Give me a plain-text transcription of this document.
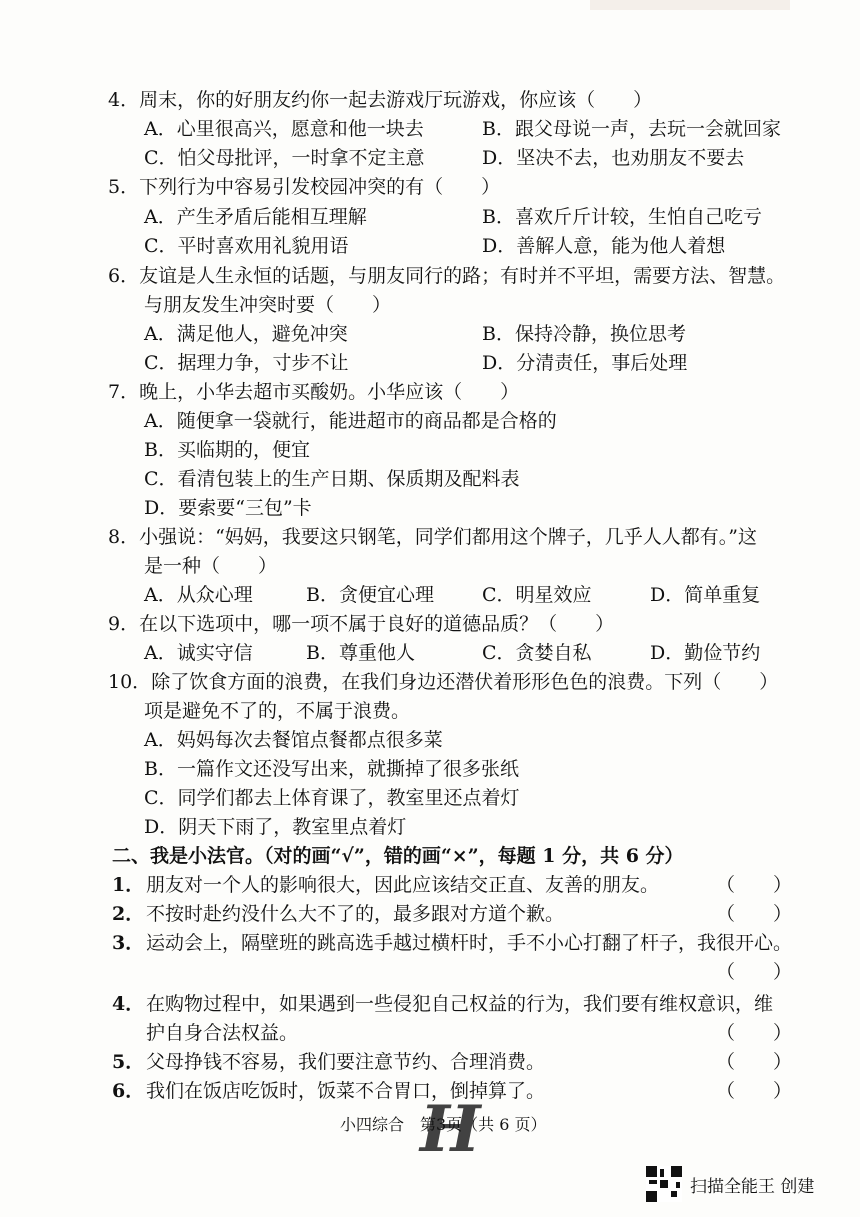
4．周末，你的好朋友约你一起去游戏厅玩游戏，你应该（　　）
A．心里很高兴，愿意和他一块去	B．跟父母说一声，去玩一会就回家
C．怕父母批评，一时拿不定主意	D．坚决不去，也劝朋友不要去
5．下列行为中容易引发校园冲突的有（　　）
A．产生矛盾后能相互理解	B．喜欢斤斤计较，生怕自己吃亏
C．平时喜欢用礼貌用语	D．善解人意，能为他人着想
6．友谊是人生永恒的话题，与朋友同行的路；有时并不平坦，需要方法、智慧。
与朋友发生冲突时要（　　）
A．满足他人，避免冲突	B．保持冷静，换位思考
C．据理力争，寸步不让	D．分清责任，事后处理
7．晚上，小华去超市买酸奶。小华应该（　　）
A．随便拿一袋就行，能进超市的商品都是合格的
B．买临期的，便宜
C．看清包装上的生产日期、保质期及配料表
D．要索要“三包”卡
8．小强说：“妈妈，我要这只钢笔，同学们都用这个牌子，几乎人人都有。”这
是一种（　　）
A．从众心理	B．贪便宜心理	C．明星效应	D．简单重复
9．在以下选项中，哪一项不属于良好的道德品质？（　　）
A．诚实守信	B．尊重他人	C．贪婪自私	D．勤俭节约
10．除了饮食方面的浪费，在我们身边还潜伏着形形色色的浪费。下列（　　）
项是避免不了的，不属于浪费。
A．妈妈每次去餐馆点餐都点很多菜
B．一篇作文还没写出来，就撕掉了很多张纸
C．同学们都去上体育课了，教室里还点着灯
D．阴天下雨了，教室里点着灯
二、我是小法官。（对的画“√”，错的画“×”，每题 1 分，共 6 分）
1． 朋友对一个人的影响很大，因此应该结交正直、友善的朋友。	（　　）
2． 不按时赴约没什么大不了的，最多跟对方道个歉。	（　　）
3． 运动会上，隔壁班的跳高选手越过横杆时，手不小心打翻了杆子，我很开心。
（　　）
4． 在购物过程中，如果遇到一些侵犯自己权益的行为，我们要有维权意识，维
护自身合法权益。	（　　）
5． 父母挣钱不容易，我们要注意节约、合理消费。	（　　）
6． 我们在饭店吃饭时，饭菜不合胃口，倒掉算了。	（　　）
H
小四综合　第3页（共 6 页）
扫描全能王 创建
